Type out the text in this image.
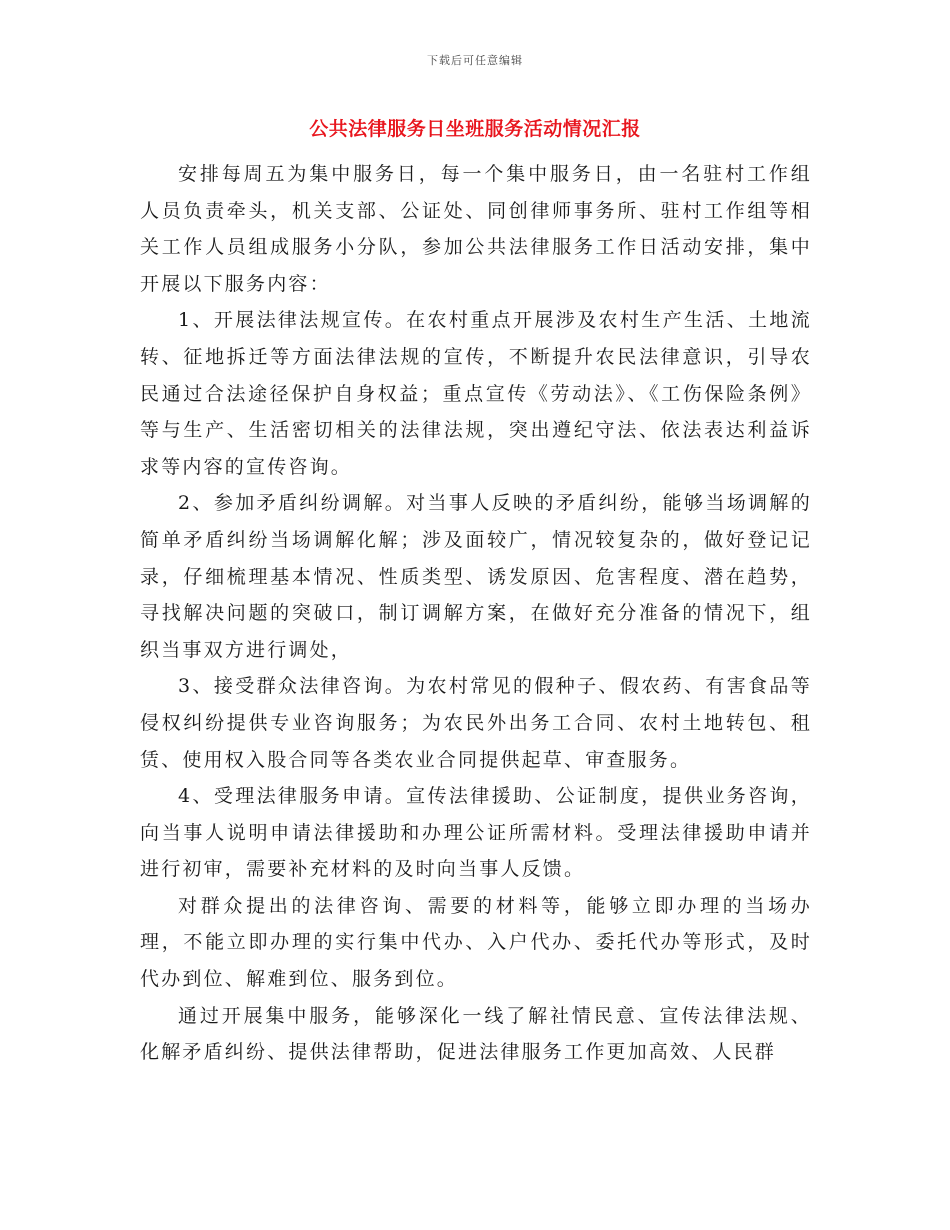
下载后可任意编辑
公共法律服务日坐班服务活动情况汇报

安排每周五为集中服务日，每一个集中服务日，由一名驻村工作组人员负责牵头，机关支部、公证处、同创律师事务所、驻村工作组等相关工作人员组成服务小分队，参加公共法律服务工作日活动安排，集中开展以下服务内容：

1、开展法律法规宣传。在农村重点开展涉及农村生产生活、土地流转、征地拆迁等方面法律法规的宣传，不断提升农民法律意识，引导农民通过合法途径保护自身权益；重点宣传《劳动法》、《工伤保险条例》等与生产、生活密切相关的法律法规，突出遵纪守法、依法表达利益诉求等内容的宣传咨询。

2、参加矛盾纠纷调解。对当事人反映的矛盾纠纷，能够当场调解的简单矛盾纠纷当场调解化解；涉及面较广，情况较复杂的，做好登记记录，仔细梳理基本情况、性质类型、诱发原因、危害程度、潜在趋势，寻找解决问题的突破口，制订调解方案，在做好充分准备的情况下，组织当事双方进行调处，

3、接受群众法律咨询。为农村常见的假种子、假农药、有害食品等侵权纠纷提供专业咨询服务；为农民外出务工合同、农村土地转包、租赁、使用权入股合同等各类农业合同提供起草、审查服务。

4、受理法律服务申请。宣传法律援助、公证制度，提供业务咨询，向当事人说明申请法律援助和办理公证所需材料。受理法律援助申请并进行初审，需要补充材料的及时向当事人反馈。

对群众提出的法律咨询、需要的材料等，能够立即办理的当场办理，不能立即办理的实行集中代办、入户代办、委托代办等形式，及时代办到位、解难到位、服务到位。

通过开展集中服务，能够深化一线了解社情民意、宣传法律法规、化解矛盾纠纷、提供法律帮助，促进法律服务工作更加高效、人民群
